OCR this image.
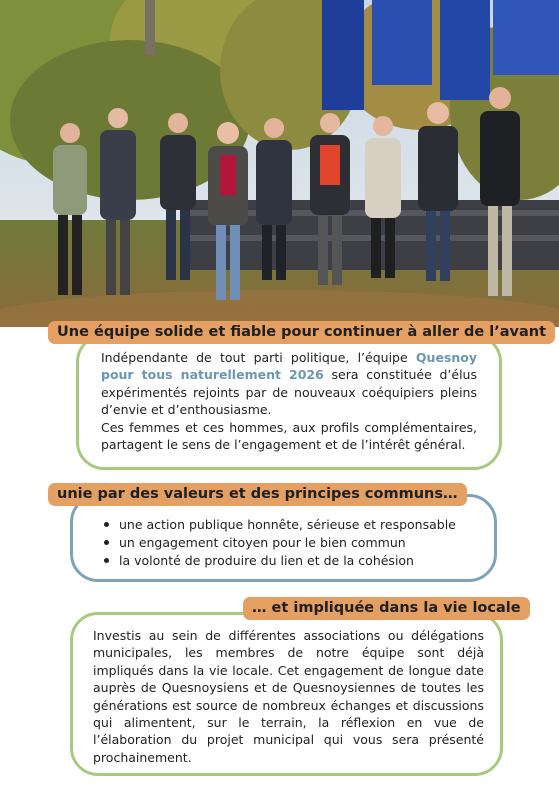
Une équipe solide et fiable pour continuer à aller de l’avant

Indépendante de tout parti politique, l’équipe Quesnoy pour tous naturellement 2026 sera constituée d’élus expérimentés rejoints par de nouveaux coéquipiers pleins d’envie et d’enthousiasme.

Ces femmes et ces hommes, aux profils complémentaires, partagent le sens de l’engagement et de l’intérêt général.

unie par des valeurs et des principes communs…
une action publique honnête, sérieuse et responsable
un engagement citoyen pour le bien commun
la volonté de produire du lien et de la cohésion
… et impliquée dans la vie locale

Investis au sein de différentes associations ou délégations municipales, les membres de notre équipe sont déjà impliqués dans la vie locale. Cet engagement de longue date auprès de Quesnoysiens et de Quesnoysiennes de toutes les générations est source de nombreux échanges et discussions qui alimentent, sur le terrain, la réflexion en vue de l’élaboration du projet municipal qui vous sera présenté prochainement.
